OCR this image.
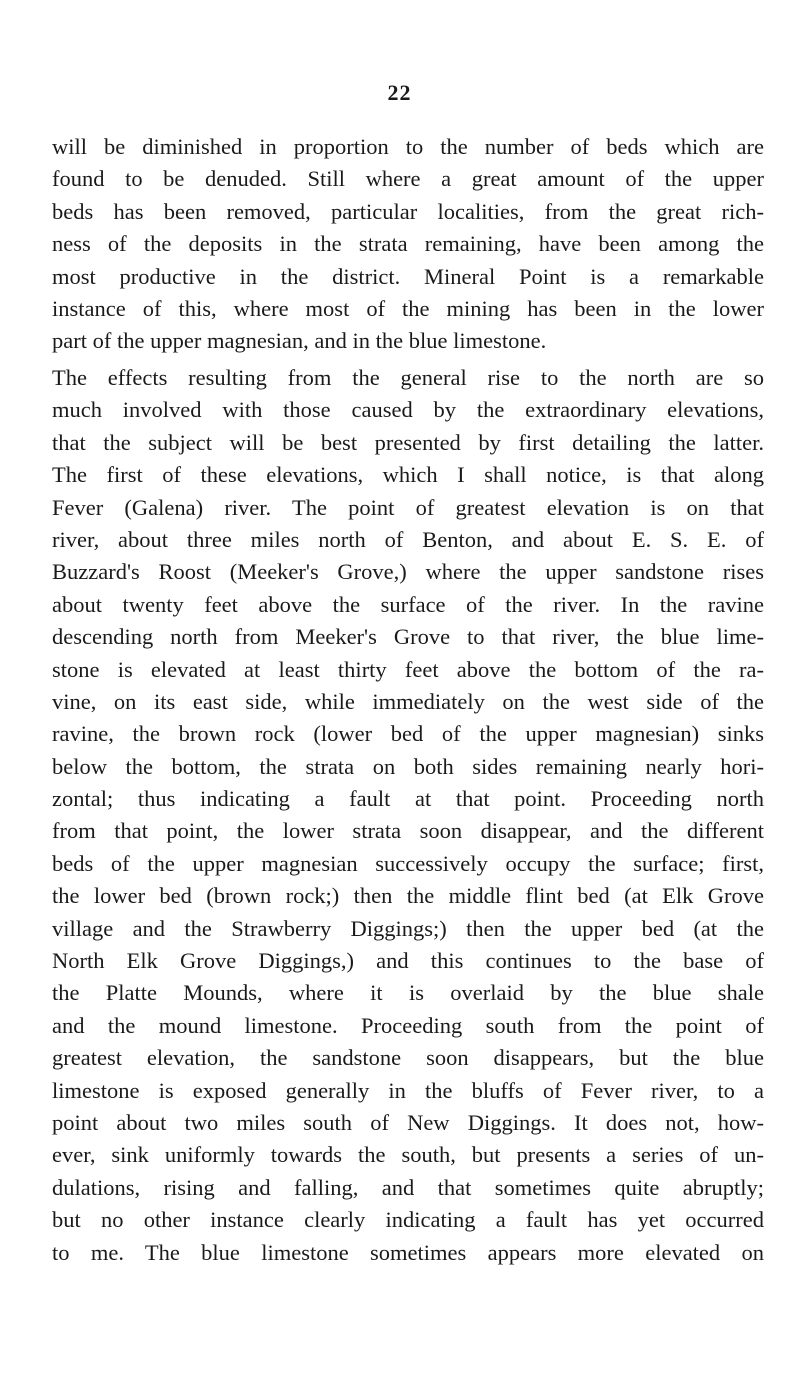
22
will be diminished in proportion to the number of beds which are
found to be denuded. Still where a great amount of the upper
beds has been removed, particular localities, from the great rich-
ness of the deposits in the strata remaining, have been among the
most productive in the district. Mineral Point is a remarkable
instance of this, where most of the mining has been in the lower
part of the upper magnesian, and in the blue limestone.
The effects resulting from the general rise to the north are so
much involved with those caused by the extraordinary elevations,
that the subject will be best presented by first detailing the latter.
The first of these elevations, which I shall notice, is that along
Fever (Galena) river. The point of greatest elevation is on that
river, about three miles north of Benton, and about E. S. E. of
Buzzard's Roost (Meeker's Grove,) where the upper sandstone rises
about twenty feet above the surface of the river. In the ravine
descending north from Meeker's Grove to that river, the blue lime-
stone is elevated at least thirty feet above the bottom of the ra-
vine, on its east side, while immediately on the west side of the
ravine, the brown rock (lower bed of the upper magnesian) sinks
below the bottom, the strata on both sides remaining nearly hori-
zontal; thus indicating a fault at that point. Proceeding north
from that point, the lower strata soon disappear, and the different
beds of the upper magnesian successively occupy the surface; first,
the lower bed (brown rock;) then the middle flint bed (at Elk Grove
village and the Strawberry Diggings;) then the upper bed (at the
North Elk Grove Diggings,) and this continues to the base of
the Platte Mounds, where it is overlaid by the blue shale
and the mound limestone. Proceeding south from the point of
greatest elevation, the sandstone soon disappears, but the blue
limestone is exposed generally in the bluffs of Fever river, to a
point about two miles south of New Diggings. It does not, how-
ever, sink uniformly towards the south, but presents a series of un-
dulations, rising and falling, and that sometimes quite abruptly;
but no other instance clearly indicating a fault has yet occurred
to me. The blue limestone sometimes appears more elevated on
